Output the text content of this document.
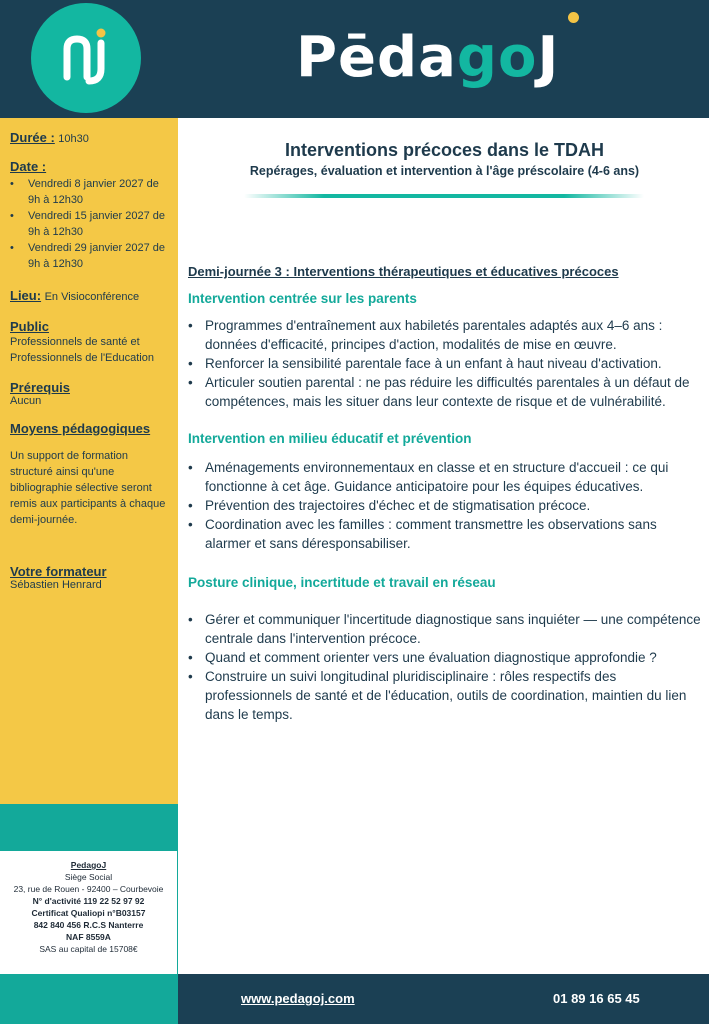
PēdagoJ
Durée : 10h30
Date :
• Vendredi 8 janvier 2027 de 9h à 12h30
• Vendredi 15 janvier 2027 de 9h à 12h30
• Vendredi 29 janvier 2027 de 9h à 12h30
Lieu: En Visioconférence
Public
Professionnels de santé et Professionnels de l'Education
Prérequis
Aucun
Moyens pédagogiques
Un support de formation structuré ainsi qu'une bibliographie sélective seront remis aux participants à chaque demi-journée.
Votre formateur
Sébastien Henrard
PedagoJ
Siège Social
23, rue de Rouen - 92400 – Courbevoie
N° d'activité 119 22 52 97 92
Certificat Qualiopi n°B03157
842 840 456 R.C.S Nanterre
NAF 8559A
SAS au capital de 15708€
Interventions précoces dans le TDAH
Repérages, évaluation et intervention à l'âge préscolaire (4-6 ans)
Demi-journée 3 : Interventions thérapeutiques et éducatives précoces
Intervention centrée sur les parents
• Programmes d'entraînement aux habiletés parentales adaptés aux 4–6 ans : données d'efficacité, principes d'action, modalités de mise en œuvre.
• Renforcer la sensibilité parentale face à un enfant à haut niveau d'activation.
• Articuler soutien parental : ne pas réduire les difficultés parentales à un défaut de compétences, mais les situer dans leur contexte de risque et de vulnérabilité.
Intervention en milieu éducatif et prévention
• Aménagements environnementaux en classe et en structure d'accueil : ce qui fonctionne à cet âge. Guidance anticipatoire pour les équipes éducatives.
• Prévention des trajectoires d'échec et de stigmatisation précoce.
• Coordination avec les familles : comment transmettre les observations sans alarmer et sans déresponsabiliser.
Posture clinique, incertitude et travail en réseau
• Gérer et communiquer l'incertitude diagnostique sans inquiéter — une compétence centrale dans l'intervention précoce.
• Quand et comment orienter vers une évaluation diagnostique approfondie ?
• Construire un suivi longitudinal pluridisciplinaire : rôles respectifs des professionnels de santé et de l'éducation, outils de coordination, maintien du lien dans le temps.
www.pedagoj.com	01 89 16 65 45
